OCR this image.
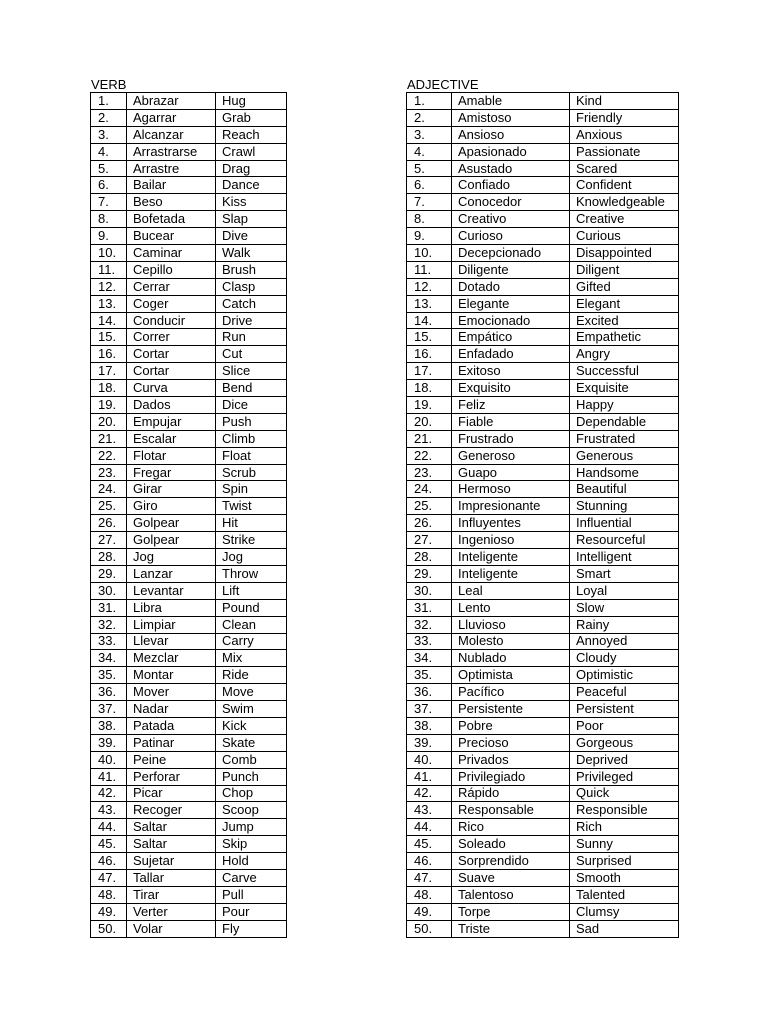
VERB
1.	Abrazar	Hug
2.	Agarrar	Grab
3.	Alcanzar	Reach
4.	Arrastrarse	Crawl
5.	Arrastre	Drag
6.	Bailar	Dance
7.	Beso	Kiss
8.	Bofetada	Slap
9.	Bucear	Dive
10.	Caminar	Walk
11.	Cepillo	Brush
12.	Cerrar	Clasp
13.	Coger	Catch
14.	Conducir	Drive
15.	Correr	Run
16.	Cortar	Cut
17.	Cortar	Slice
18.	Curva	Bend
19.	Dados	Dice
20.	Empujar	Push
21.	Escalar	Climb
22.	Flotar	Float
23.	Fregar	Scrub
24.	Girar	Spin
25.	Giro	Twist
26.	Golpear	Hit
27.	Golpear	Strike
28.	Jog	Jog
29.	Lanzar	Throw
30.	Levantar	Lift
31.	Libra	Pound
32.	Limpiar	Clean
33.	Llevar	Carry
34.	Mezclar	Mix
35.	Montar	Ride
36.	Mover	Move
37.	Nadar	Swim
38.	Patada	Kick
39.	Patinar	Skate
40.	Peine	Comb
41.	Perforar	Punch
42.	Picar	Chop
43.	Recoger	Scoop
44.	Saltar	Jump
45.	Saltar	Skip
46.	Sujetar	Hold
47.	Tallar	Carve
48.	Tirar	Pull
49.	Verter	Pour
50.	Volar	Fly
ADJECTIVE
1.	Amable	Kind
2.	Amistoso	Friendly
3.	Ansioso	Anxious
4.	Apasionado	Passionate
5.	Asustado	Scared
6.	Confiado	Confident
7.	Conocedor	Knowledgeable
8.	Creativo	Creative
9.	Curioso	Curious
10.	Decepcionado	Disappointed
11.	Diligente	Diligent
12.	Dotado	Gifted
13.	Elegante	Elegant
14.	Emocionado	Excited
15.	Empático	Empathetic
16.	Enfadado	Angry
17.	Exitoso	Successful
18.	Exquisito	Exquisite
19.	Feliz	Happy
20.	Fiable	Dependable
21.	Frustrado	Frustrated
22.	Generoso	Generous
23.	Guapo	Handsome
24.	Hermoso	Beautiful
25.	Impresionante	Stunning
26.	Influyentes	Influential
27.	Ingenioso	Resourceful
28.	Inteligente	Intelligent
29.	Inteligente	Smart
30.	Leal	Loyal
31.	Lento	Slow
32.	Lluvioso	Rainy
33.	Molesto	Annoyed
34.	Nublado	Cloudy
35.	Optimista	Optimistic
36.	Pacífico	Peaceful
37.	Persistente	Persistent
38.	Pobre	Poor
39.	Precioso	Gorgeous
40.	Privados	Deprived
41.	Privilegiado	Privileged
42.	Rápido	Quick
43.	Responsable	Responsible
44.	Rico	Rich
45.	Soleado	Sunny
46.	Sorprendido	Surprised
47.	Suave	Smooth
48.	Talentoso	Talented
49.	Torpe	Clumsy
50.	Triste	Sad
